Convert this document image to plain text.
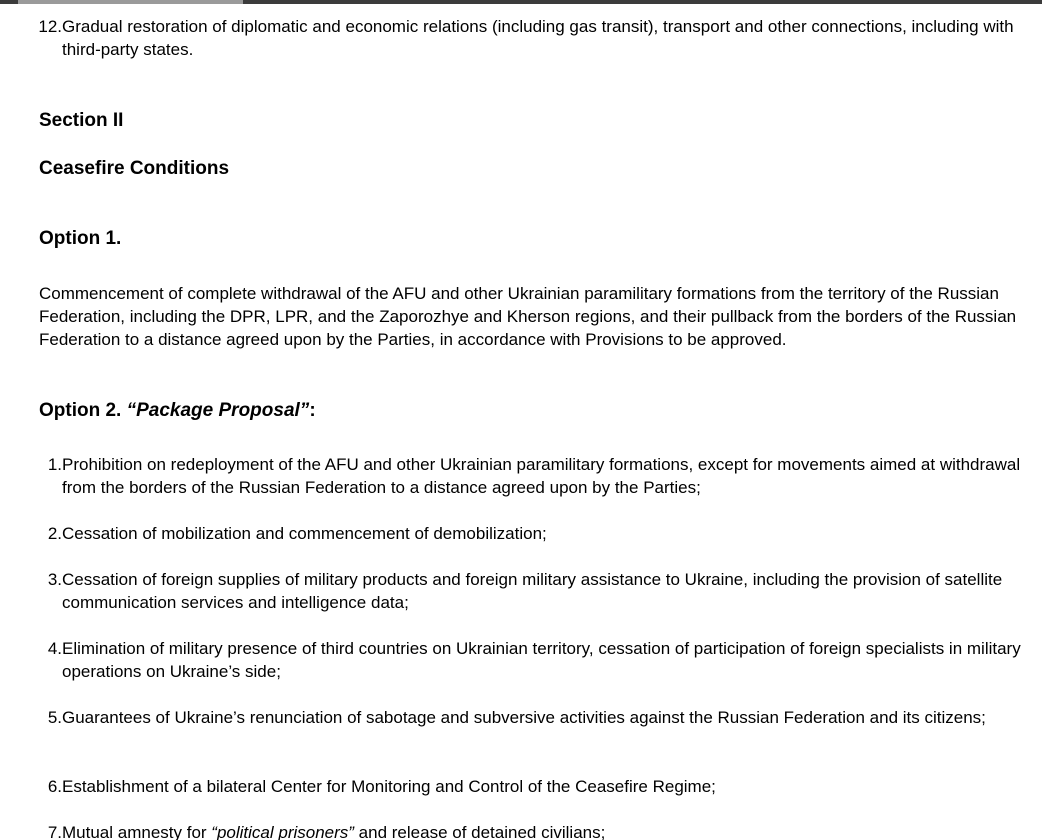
12. Gradual restoration of diplomatic and economic relations (including gas transit), transport and other connections, including with third-party states.
Section II
Ceasefire Conditions
Option 1.
Commencement of complete withdrawal of the AFU and other Ukrainian paramilitary formations from the territory of the Russian Federation, including the DPR, LPR, and the Zaporozhye and Kherson regions, and their pullback from the borders of the Russian Federation to a distance agreed upon by the Parties, in accordance with Provisions to be approved.
Option 2. “Package Proposal”:
1. Prohibition on redeployment of the AFU and other Ukrainian paramilitary formations, except for movements aimed at withdrawal from the borders of the Russian Federation to a distance agreed upon by the Parties;
2. Cessation of mobilization and commencement of demobilization;
3. Cessation of foreign supplies of military products and foreign military assistance to Ukraine, including the provision of satellite communication services and intelligence data;
4. Elimination of military presence of third countries on Ukrainian territory, cessation of participation of foreign specialists in military operations on Ukraine’s side;
5. Guarantees of Ukraine’s renunciation of sabotage and subversive activities against the Russian Federation and its citizens;
6. Establishment of a bilateral Center for Monitoring and Control of the Ceasefire Regime;
7. Mutual amnesty for “political prisoners” and release of detained civilians;
